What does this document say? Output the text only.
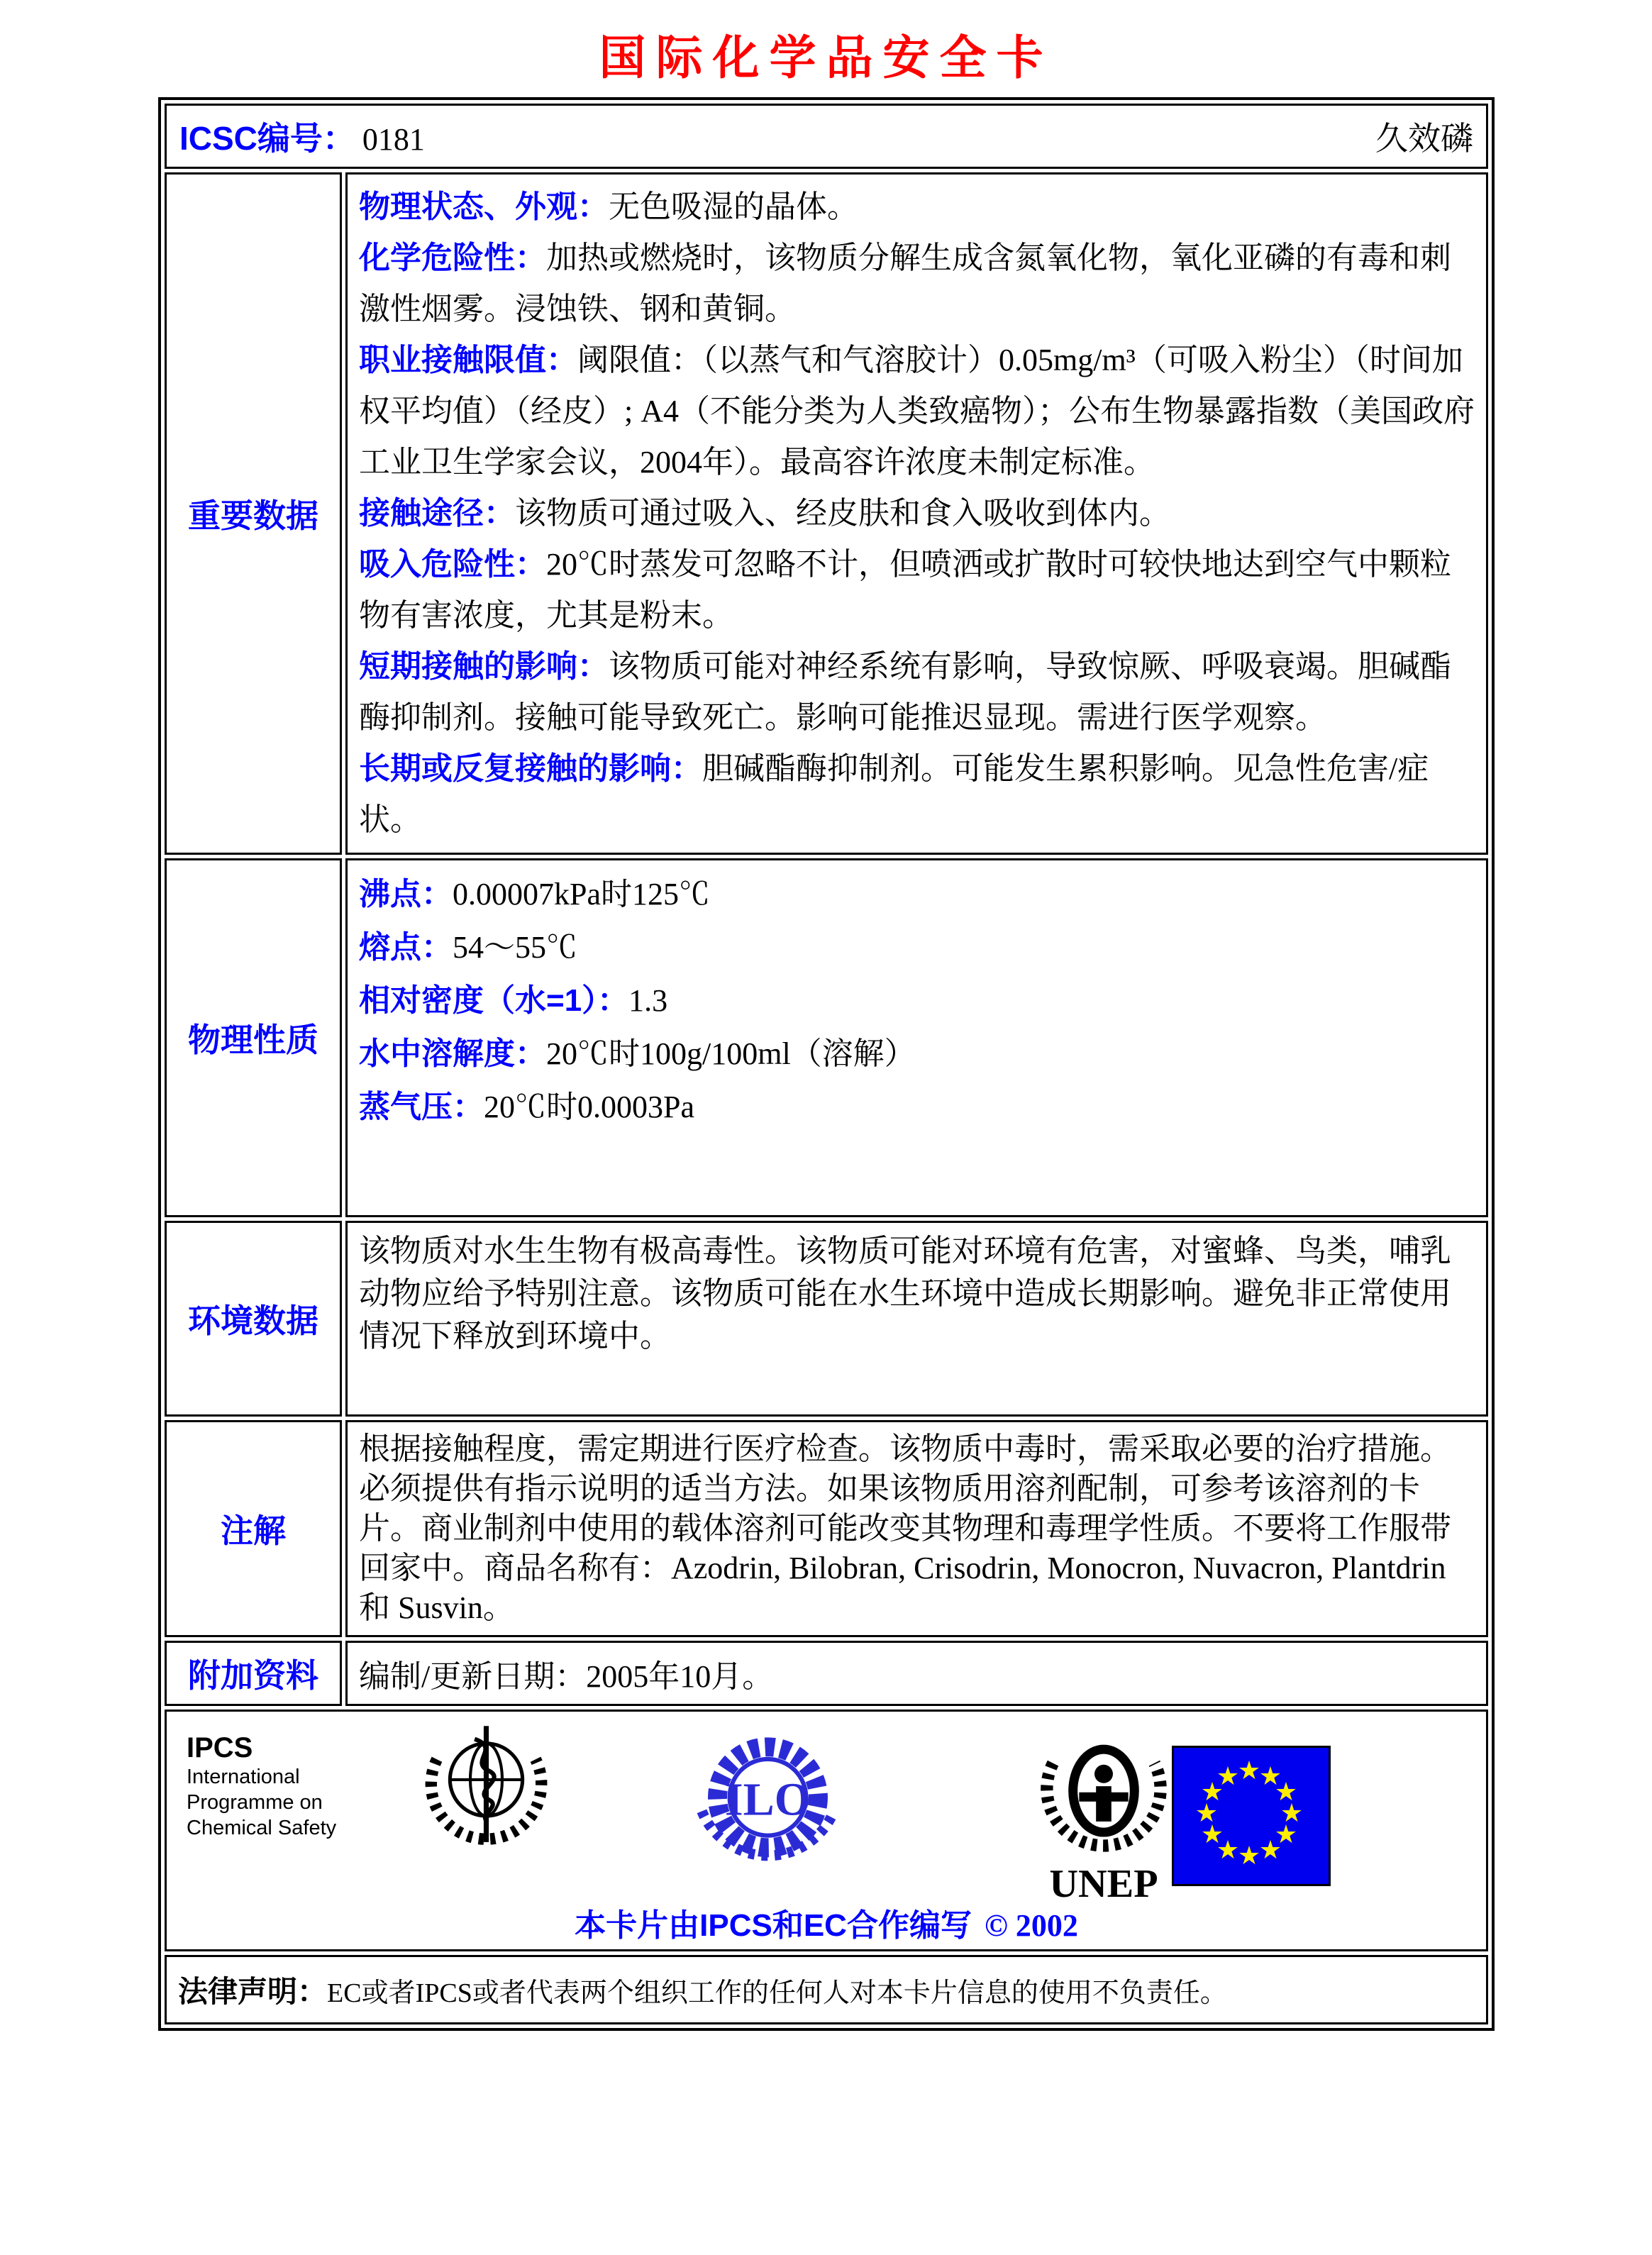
国际化学品安全卡
ICSC编号： 0181 久效磷	

重要数据	
物理状态、外观：无色吸湿的晶体。
化学危险性：加热或燃烧时，该物质分解生成含氮氧化物，氧化亚磷的有毒和刺激性烟雾。浸蚀铁、钢和黄铜。
职业接触限值：阈限值：（以蒸气和气溶胶计）0.05mg/m³（可吸入粉尘）（时间加权平均值）（经皮）; A4（不能分类为人类致癌物）；公布生物暴露指数（美国政府工业卫生学家会议，2004年）。最高容许浓度未制定标准。
接触途径：该物质可通过吸入、经皮肤和食入吸收到体内。
吸入危险性：20℃时蒸发可忽略不计，但喷洒或扩散时可较快地达到空气中颗粒物有害浓度，尤其是粉末。
短期接触的影响：该物质可能对神经系统有影响，导致惊厥、呼吸衰竭。胆碱酯酶抑制剂。接触可能导致死亡。影响可能推迟显现。需进行医学观察。
长期或反复接触的影响：胆碱酯酶抑制剂。可能发生累积影响。见急性危害/症状。

物理性质	沸点：0.00007kPa时125℃
熔点：54～55℃
相对密度（水=1）：1.3
水中溶解度：20℃时100g/100ml（溶解）
蒸气压：20℃时0.0003Pa

环境数据	该物质对水生生物有极高毒性。该物质可能对环境有危害，对蜜蜂、鸟类，哺乳动物应给予特别注意。该物质可能在水生环境中造成长期影响。避免非正常使用情况下释放到环境中。
注解	根据接触程度，需定期进行医疗检查。该物质中毒时，需采取必要的治疗措施。必须提供有指示说明的适当方法。如果该物质用溶剂配制，可参考该溶剂的卡片。商业制剂中使用的载体溶剂可能改变其物理和毒理学性质。不要将工作服带回家中。商品名称有：Azodrin, Bilobran, Crisodrin, Monocron, Nuvacron, Plantdrin和 Susvin。
附加资料	编制/更新日期：2005年10月。

IPCS
International
Programme on
Chemical Safety
ILO
UNEP
★
★
★
★
★
★
★
★
★
★
★
★
本卡片由IPCS和EC合作编写 © 2002

法律声明：EC或者IPCS或者代表两个组织工作的任何人对本卡片信息的使用不负责任。	
